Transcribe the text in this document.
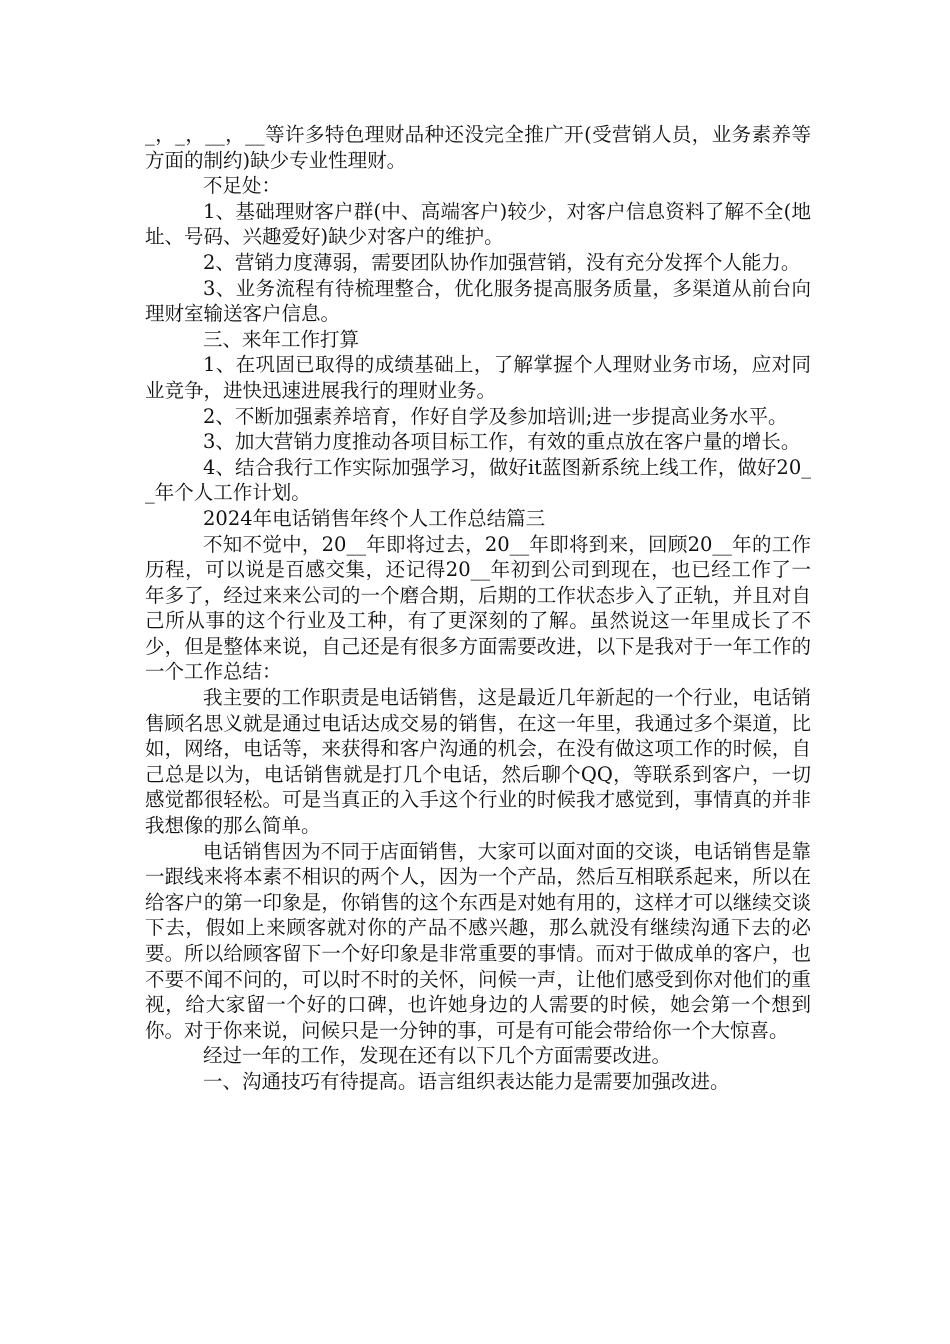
_，_，__，__等许多特色理财品种还没完全推广开(受营销人员，业务素养等方面的制约)缺少专业性理财。

不足处：

1、基础理财客户群(中、高端客户)较少，对客户信息资料了解不全(地址、号码、兴趣爱好)缺少对客户的维护。

2、营销力度薄弱，需要团队协作加强营销，没有充分发挥个人能力。

3、业务流程有待梳理整合，优化服务提高服务质量，多渠道从前台向理财室输送客户信息。

三、来年工作打算

1、在巩固已取得的成绩基础上，了解掌握个人理财业务市场，应对同业竞争，进快迅速进展我行的理财业务。

2、不断加强素养培育，作好自学及参加培训;进一步提高业务水平。

3、加大营销力度推动各项目标工作，有效的重点放在客户量的增长。

4、结合我行工作实际加强学习，做好it蓝图新系统上线工作，做好20__年个人工作计划。

2024年电话销售年终个人工作总结篇三

不知不觉中，20__年即将过去，20__年即将到来，回顾20__年的工作历程，可以说是百感交集，还记得20__年初到公司到现在，也已经工作了一年多了，经过来来公司的一个磨合期，后期的工作状态步入了正轨，并且对自己所从事的这个行业及工种，有了更深刻的了解。虽然说这一年里成长了不少，但是整体来说，自己还是有很多方面需要改进，以下是我对于一年工作的一个工作总结：

我主要的工作职责是电话销售，这是最近几年新起的一个行业，电话销售顾名思义就是通过电话达成交易的销售，在这一年里，我通过多个渠道，比如，网络，电话等，来获得和客户沟通的机会，在没有做这项工作的时候，自己总是以为，电话销售就是打几个电话，然后聊个QQ，等联系到客户，一切感觉都很轻松。可是当真正的入手这个行业的时候我才感觉到，事情真的并非我想像的那么简单。

电话销售因为不同于店面销售，大家可以面对面的交谈，电话销售是靠一跟线来将本素不相识的两个人，因为一个产品，然后互相联系起来，所以在给客户的第一印象是，你销售的这个东西是对她有用的，这样才可以继续交谈下去，假如上来顾客就对你的产品不感兴趣，那么就没有继续沟通下去的必要。所以给顾客留下一个好印象是非常重要的事情。而对于做成单的客户，也不要不闻不问的，可以时不时的关怀，问候一声，让他们感受到你对他们的重视，给大家留一个好的口碑，也许她身边的人需要的时候，她会第一个想到你。对于你来说，问候只是一分钟的事，可是有可能会带给你一个大惊喜。

经过一年的工作，发现在还有以下几个方面需要改进。

一、沟通技巧有待提高。语言组织表达能力是需要加强改进。
